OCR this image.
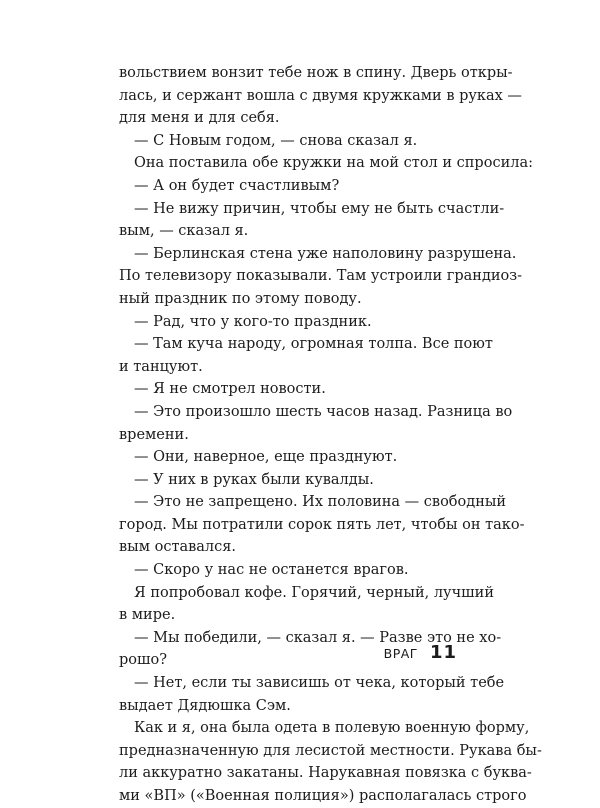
вольствием вонзит тебе нож в спину. Дверь откры-
лась, и сержант вошла с двумя кружками в руках —
для меня и для себя.
— С Новым годом, — снова сказал я.
Она поставила обе кружки на мой стол и спросила:
— А он будет счастливым?
— Не вижу причин, чтобы ему не быть счастли-
вым, — сказал я.
— Берлинская стена уже наполовину разрушена.
По телевизору показывали. Там устроили грандиоз-
ный праздник по этому поводу.
— Рад, что у кого-то праздник.
— Там куча народу, огромная толпа. Все поют
и танцуют.
— Я не смотрел новости.
— Это произошло шесть часов назад. Разница во
времени.
— Они, наверное, еще празднуют.
— У них в руках были кувалды.
— Это не запрещено. Их половина — свободный
город. Мы потратили сорок пять лет, чтобы он тако-
вым оставался.
— Скоро у нас не останется врагов.
Я попробовал кофе. Горячий, черный, лучший
в мире.
— Мы победили, — сказал я. — Разве это не хо-
рошо?
— Нет, если ты зависишь от чека, который тебе
выдает Дядюшка Сэм.
Как и я, она была одета в полевую военную форму,
предназначенную для лесистой местности. Рукава бы-
ли аккуратно закатаны. Нарукавная повязка с буква-
ми «ВП» («Военная полиция») располагалась строго
ВРАГ 11
